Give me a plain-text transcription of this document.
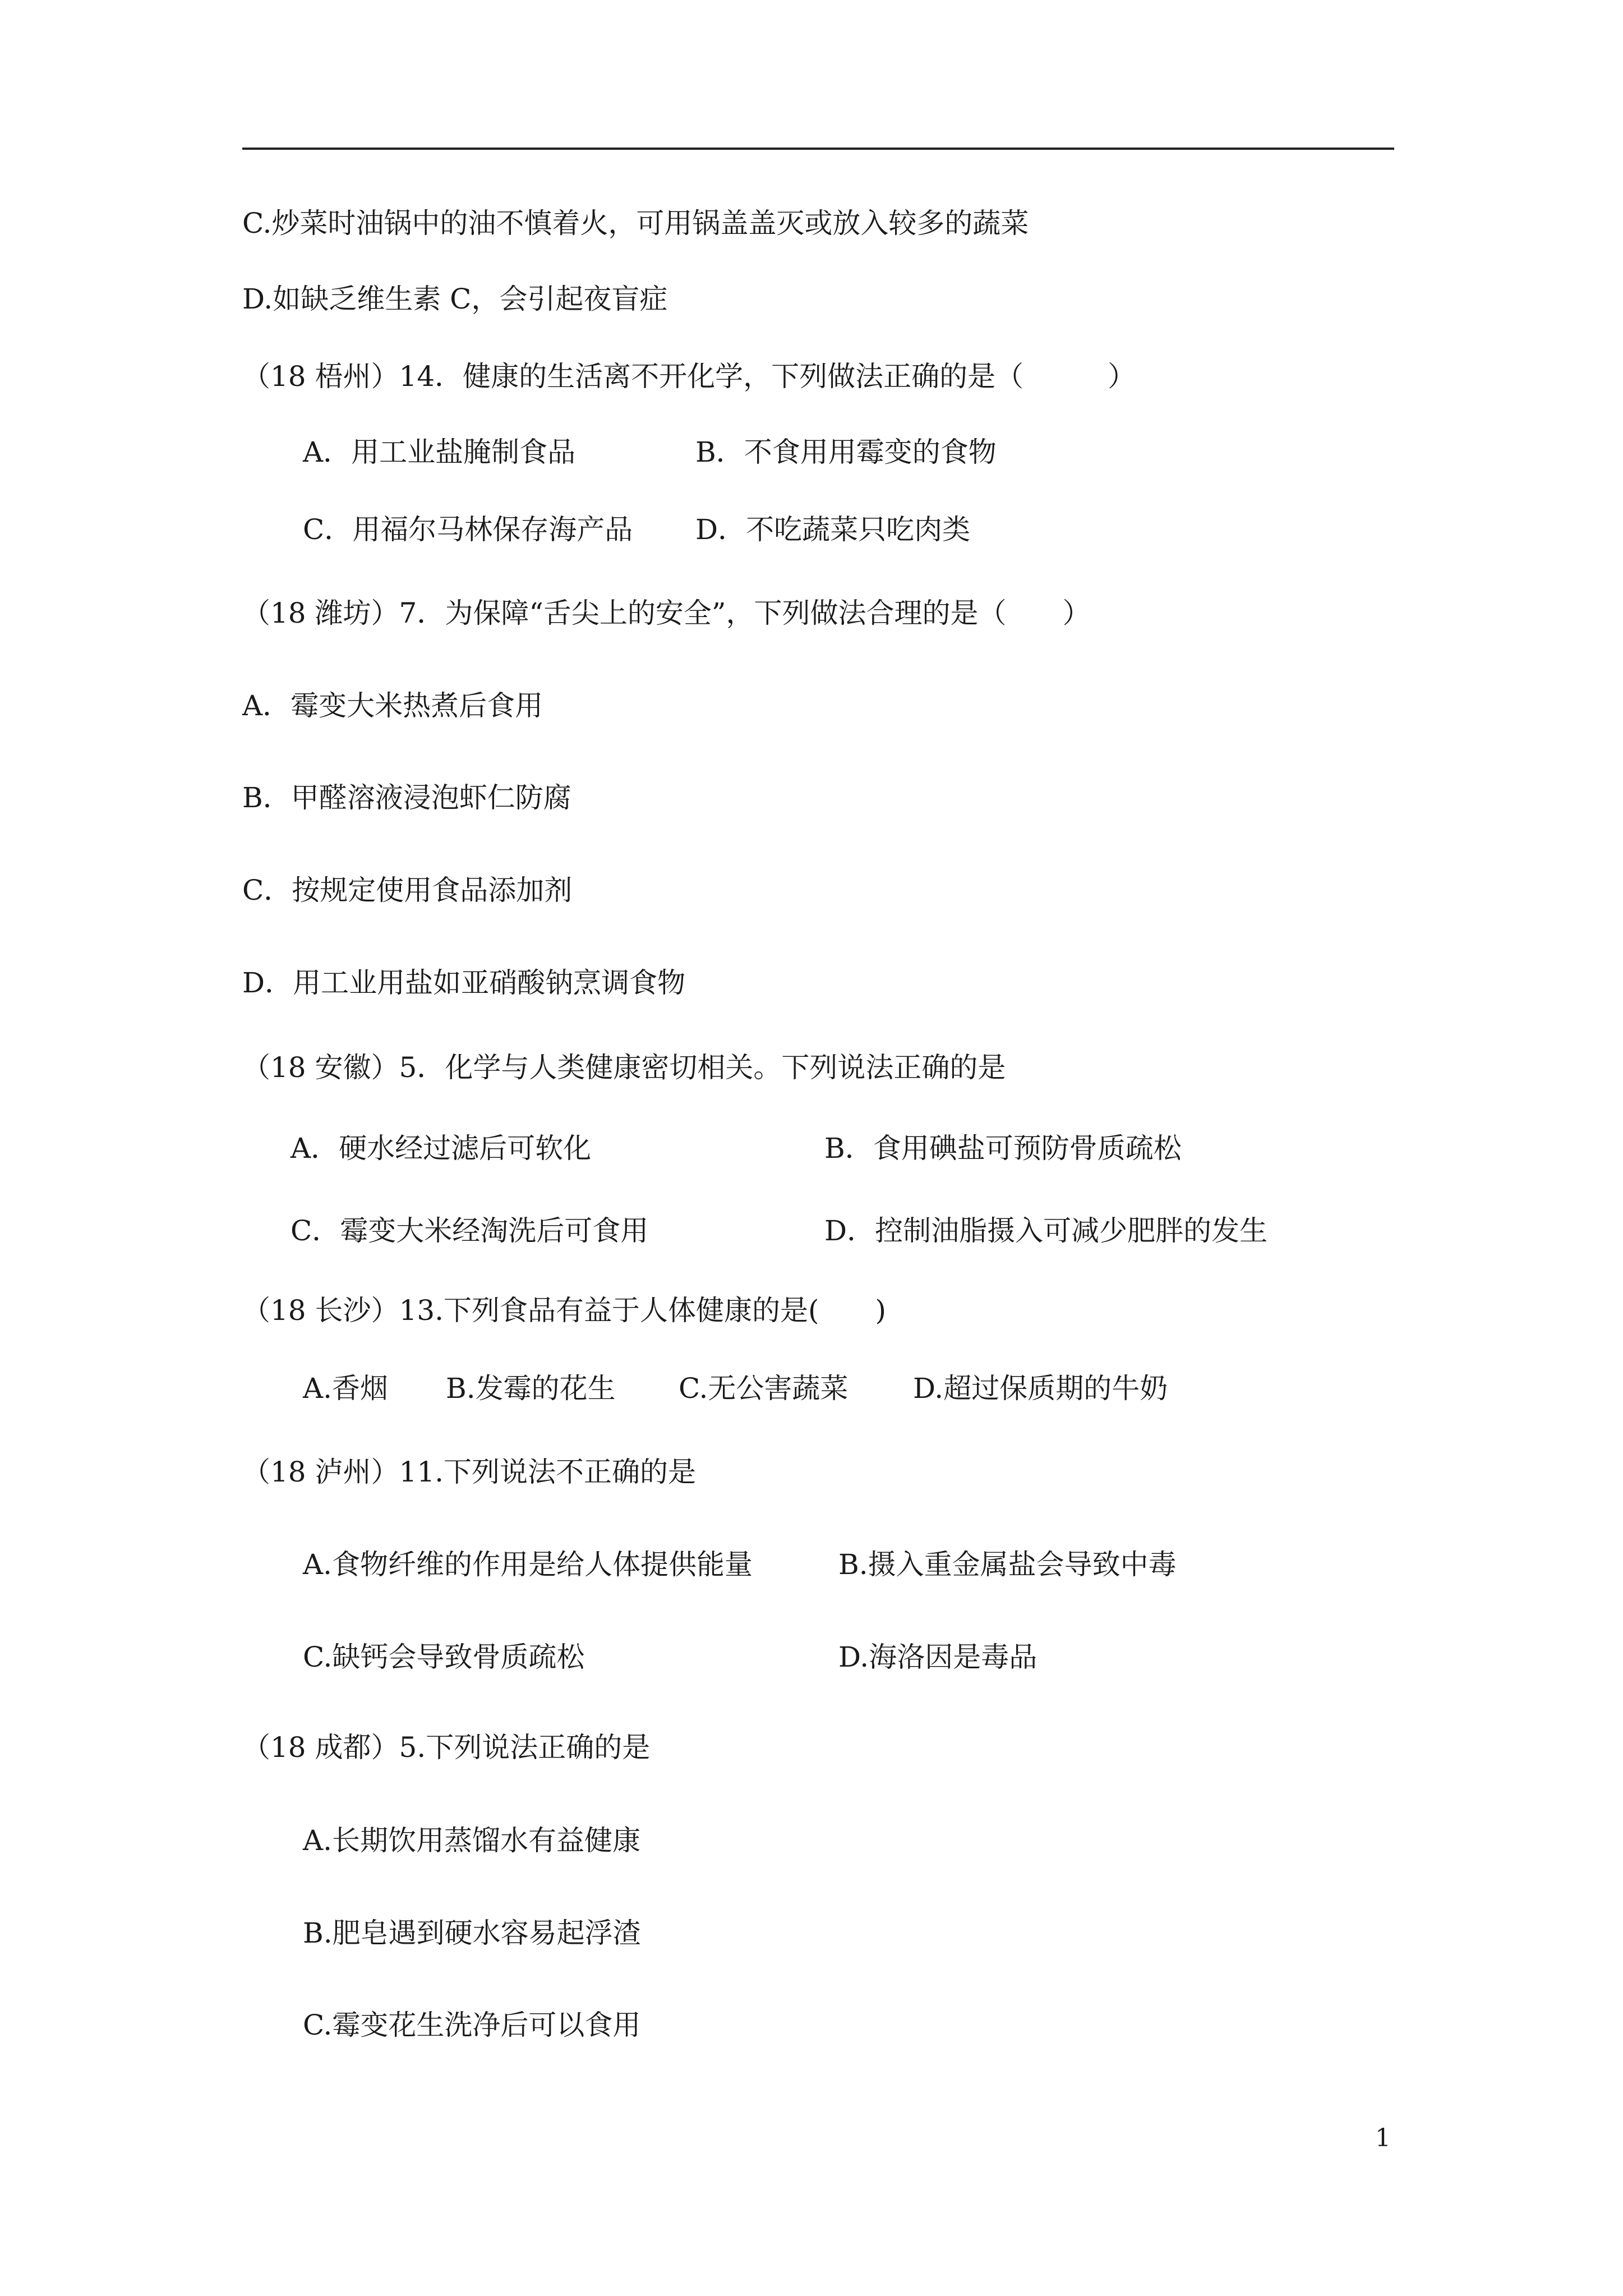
C.炒菜时油锅中的油不慎着火，可用锅盖盖灭或放入较多的蔬菜
D.如缺乏维生素 C，会引起夜盲症
（18 梧州）14．健康的生活离不开化学，下列做法正确的是（　　　）
A．用工业盐腌制食品	B．不食用用霉变的食物
C．用福尔马林保存海产品 D．不吃蔬菜只吃肉类
（18 潍坊）7．为保障“舌尖上的安全”，下列做法合理的是（　　）
A．霉变大米热煮后食用
B．甲醛溶液浸泡虾仁防腐
C．按规定使用食品添加剂
D．用工业用盐如亚硝酸钠烹调食物
（18 安徽）5．化学与人类健康密切相关。下列说法正确的是
A．硬水经过滤后可软化	B．食用碘盐可预防骨质疏松
C．霉变大米经淘洗后可食用	D．控制油脂摄入可减少肥胖的发生
（18 长沙）13.下列食品有益于人体健康的是(　　)
A.香烟 B.发霉的花生 C.无公害蔬菜 D.超过保质期的牛奶
（18 泸州）11.下列说法不正确的是
A.食物纤维的作用是给人体提供能量	B.摄入重金属盐会导致中毒
C.缺钙会导致骨质疏松	D.海洛因是毒品
（18 成都）5.下列说法正确的是
A.长期饮用蒸馏水有益健康
B.肥皂遇到硬水容易起浮渣
C.霉变花生洗净后可以食用
1
